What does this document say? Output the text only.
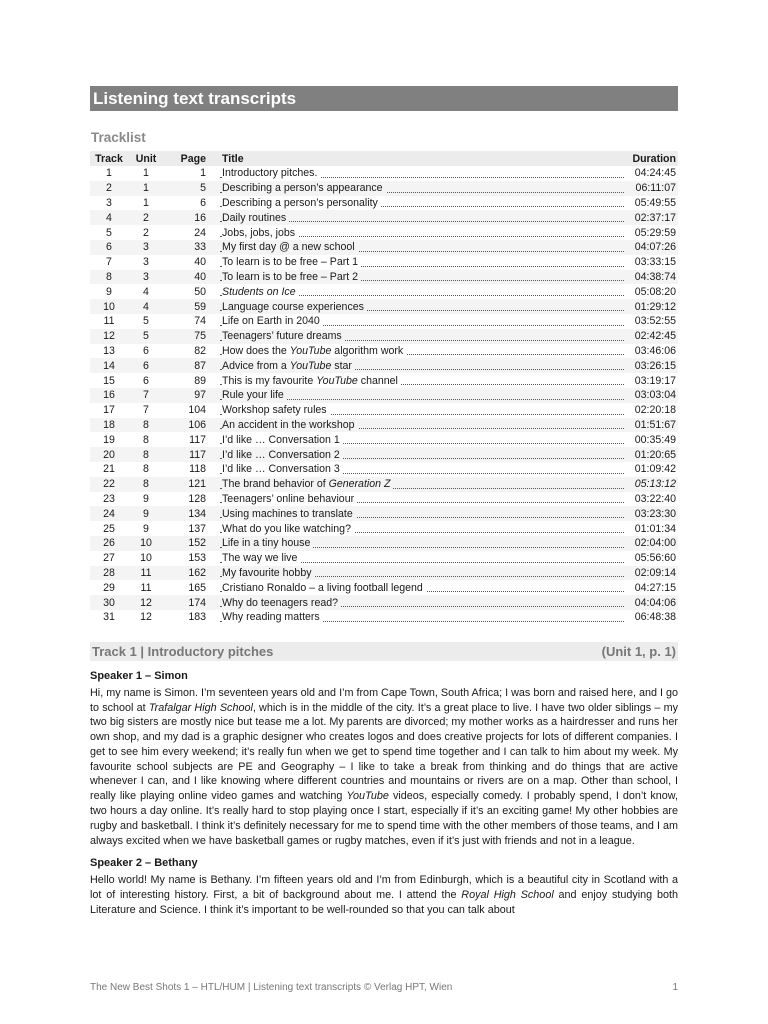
Listening text transcripts
Tracklist
Track	Unit	Page	Title	Duration
1	1	1	Introductory pitches.	04:24:45
2	1	5	Describing a person’s appearance	06:11:07
3	1	6	Describing a person’s personality	05:49:55
4	2	16	Daily routines	02:37:17
5	2	24	Jobs, jobs, jobs	05:29:59
6	3	33	My first day @ a new school	04:07:26
7	3	40	To learn is to be free – Part 1	03:33:15
8	3	40	To learn is to be free – Part 2	04:38:74
9	4	50	Students on Ice	05:08:20
10	4	59	Language course experiences	01:29:12
11	5	74	Life on Earth in 2040	03:52:55
12	5	75	Teenagers’ future dreams	02:42:45
13	6	82	How does the YouTube algorithm work	03:46:06
14	6	87	Advice from a YouTube star	03:26:15
15	6	89	This is my favourite YouTube channel	03:19:17
16	7	97	Rule your life	03:03:04
17	7	104	Workshop safety rules	02:20:18
18	8	106	An accident in the workshop	01:51:67
19	8	117	I’d like … Conversation 1	00:35:49
20	8	117	I’d like … Conversation 2	01:20:65
21	8	118	I’d like … Conversation 3	01:09:42
22	8	121	The brand behavior of Generation Z	05:13:12
23	9	128	Teenagers’ online behaviour	03:22:40
24	9	134	Using machines to translate	03:23:30
25	9	137	What do you like watching?	01:01:34
26	10	152	Life in a tiny house	02:04:00
27	10	153	The way we live	05:56:60
28	11	162	My favourite hobby	02:09:14
29	11	165	Cristiano Ronaldo – a living football legend	04:27:15
30	12	174	Why do teenagers read?	04:04:06
31	12	183	Why reading matters	06:48:38
Track 1 | Introductory pitches	(Unit 1, p. 1)
Speaker 1 – Simon

Hi, my name is Simon. I’m seventeen years old and I’m from Cape Town, South Africa; I was born and raised here, and I go to school at Trafalgar High School, which is in the middle of the city. It’s a great place to live. I have two older siblings – my two big sisters are mostly nice but tease me a lot. My parents are divorced; my mother works as a hairdresser and runs her own shop, and my dad is a graphic designer who creates logos and does creative projects for lots of different companies. I get to see him every weekend; it’s really fun when we get to spend time together and I can talk to him about my week. My favourite school subjects are PE and Geography – I like to take a break from thinking and do things that are active whenever I can, and I like knowing where different countries and mountains or rivers are on a map. Other than school, I really like playing online video games and watching YouTube videos, especially comedy. I probably spend, I don’t know, two hours a day online. It’s really hard to stop playing once I start, especially if it’s an exciting game! My other hobbies are rugby and basketball. I think it’s definitely necessary for me to spend time with the other members of those teams, and I am always excited when we have basketball games or rugby matches, even if it’s just with friends and not in a league.

Speaker 2 – Bethany

Hello world! My name is Bethany. I’m fifteen years old and I’m from Edinburgh, which is a beautiful city in Scotland with a lot of interesting history. First, a bit of background about me. I attend the Royal High School and enjoy studying both Literature and Science. I think it’s important to be well-rounded so that you can talk about

The New Best Shots 1 – HTL/HUM | Listening text transcripts © Verlag HPT, Wien	1
